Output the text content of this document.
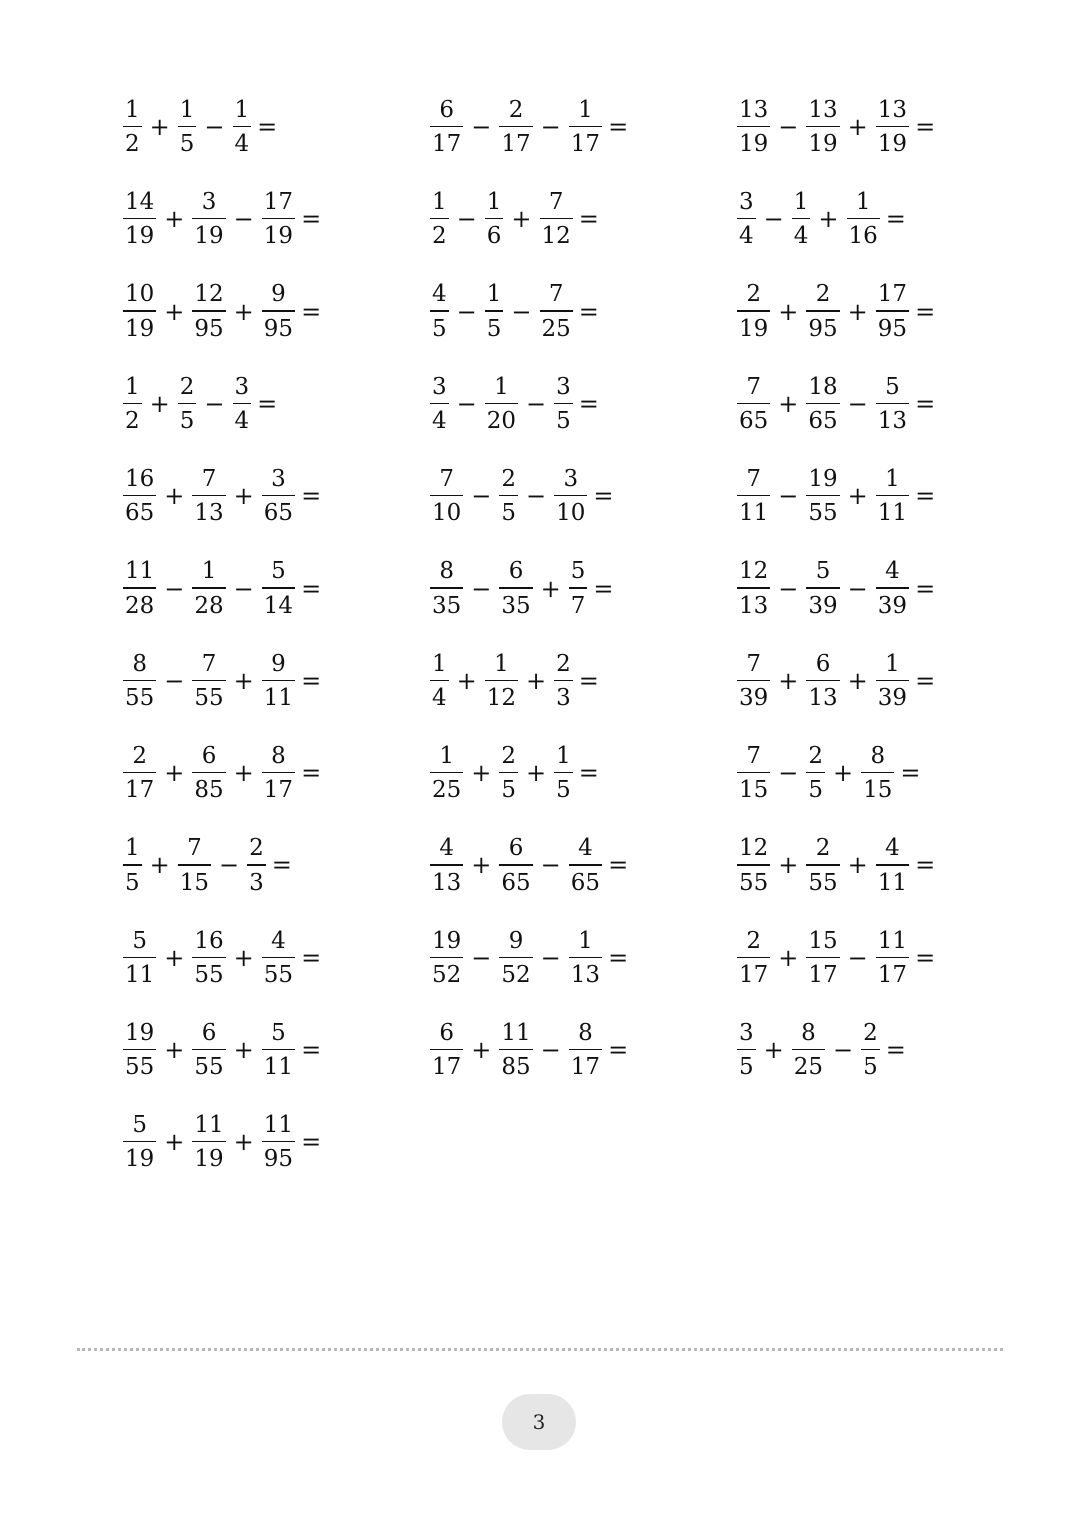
$\frac{1}{2} + \frac{1}{5} - \frac{1}{4}$ =
$\frac{14}{19} + \frac{3}{19} - \frac{17}{19}$ =
$\frac{10}{19} + \frac{12}{95} + \frac{9}{95}$ =
$\frac{1}{2} + \frac{2}{5} - \frac{3}{4}$ =
$\frac{16}{65} + \frac{7}{13} + \frac{3}{65}$ =
$\frac{11}{28} - \frac{1}{28} - \frac{5}{14}$ =
$\frac{8}{55} - \frac{7}{55} + \frac{9}{11}$ =
$\frac{2}{17} + \frac{6}{85} + \frac{8}{17}$ =
$\frac{1}{5} + \frac{7}{15} - \frac{2}{3}$ =
$\frac{5}{11} + \frac{16}{55} + \frac{4}{55}$ =
$\frac{19}{55} + \frac{6}{55} + \frac{5}{11}$ =
$\frac{5}{19} + \frac{11}{19} + \frac{11}{95}$ =
$\frac{6}{17} - \frac{2}{17} - \frac{1}{17}$ =
$\frac{1}{2} - \frac{1}{6} + \frac{7}{12}$ =
$\frac{4}{5} - \frac{1}{5} - \frac{7}{25}$ =
$\frac{3}{4} - \frac{1}{20} - \frac{3}{5}$ =
$\frac{7}{10} - \frac{2}{5} - \frac{3}{10}$ =
$\frac{8}{35} - \frac{6}{35} + \frac{5}{7}$ =
$\frac{1}{4} + \frac{1}{12} + \frac{2}{3}$ =
$\frac{1}{25} + \frac{2}{5} + \frac{1}{5}$ =
$\frac{4}{13} + \frac{6}{65} - \frac{4}{65}$ =
$\frac{19}{52} - \frac{9}{52} - \frac{1}{13}$ =
$\frac{6}{17} + \frac{11}{85} - \frac{8}{17}$ =
$\frac{13}{19} - \frac{13}{19} + \frac{13}{19}$ =
$\frac{3}{4} - \frac{1}{4} + \frac{1}{16}$ =
$\frac{2}{19} + \frac{2}{95} + \frac{17}{95}$ =
$\frac{7}{65} + \frac{18}{65} - \frac{5}{13}$ =
$\frac{7}{11} - \frac{19}{55} + \frac{1}{11}$ =
$\frac{12}{13} - \frac{5}{39} - \frac{4}{39}$ =
$\frac{7}{39} + \frac{6}{13} + \frac{1}{39}$ =
$\frac{7}{15} - \frac{2}{5} + \frac{8}{15}$ =
$\frac{12}{55} + \frac{2}{55} + \frac{4}{11}$ =
$\frac{2}{17} + \frac{15}{17} - \frac{11}{17}$ =
$\frac{3}{5} + \frac{8}{25} - \frac{2}{5}$ =
3
